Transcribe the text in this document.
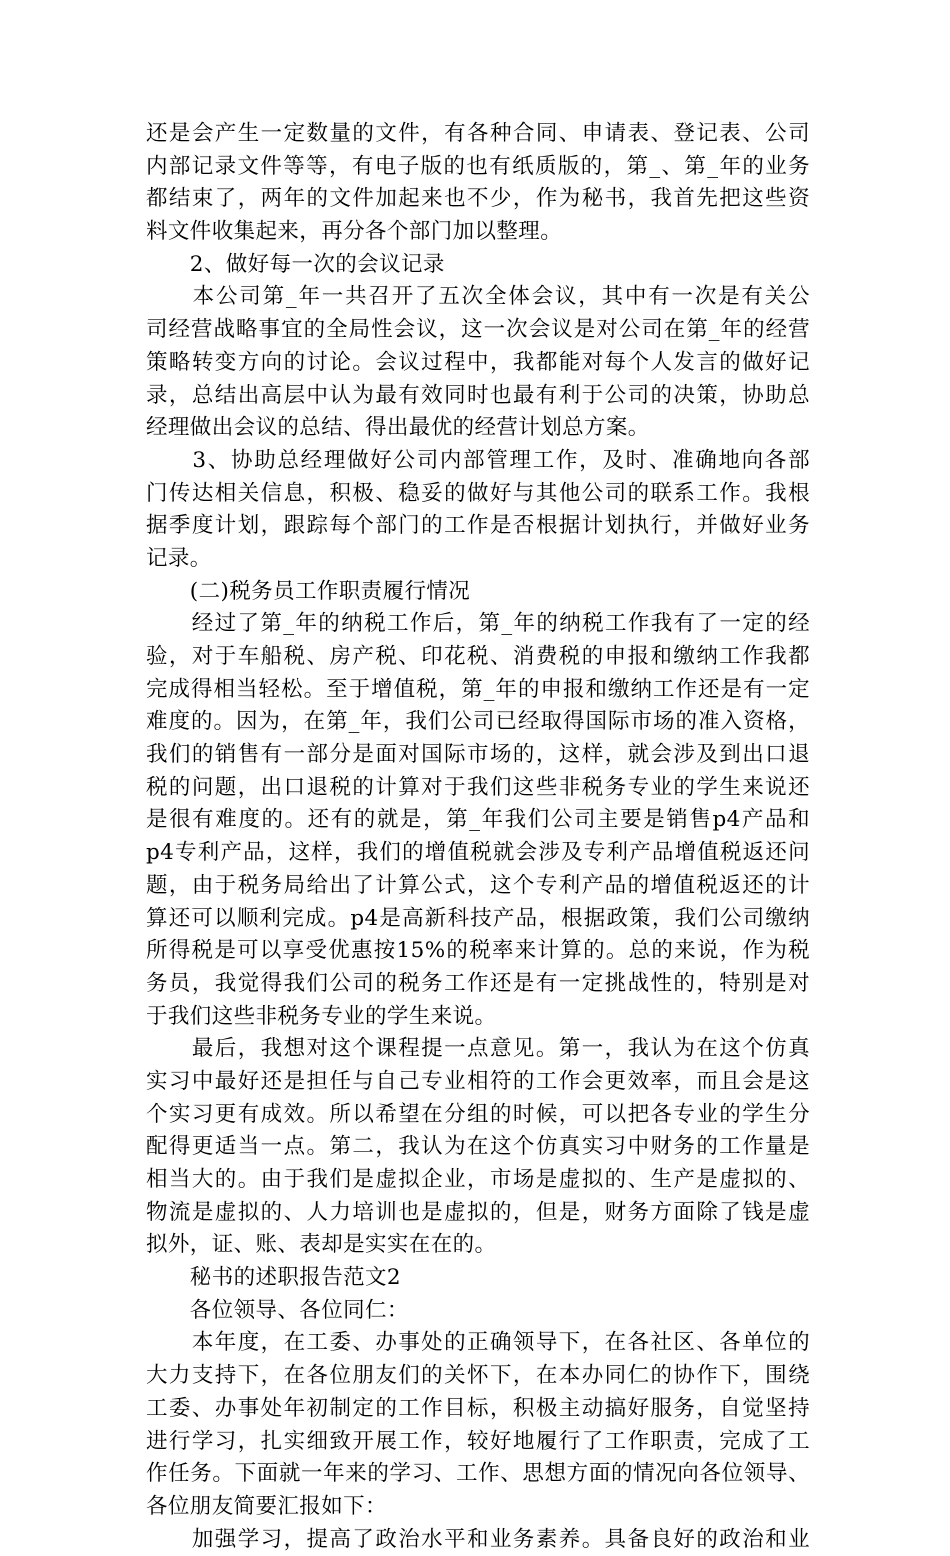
还是会产生一定数量的文件，有各种合同、申请表、登记表、公司
内部记录文件等等，有电子版的也有纸质版的，第_、第_年的业务
都结束了，两年的文件加起来也不少，作为秘书，我首先把这些资
料文件收集起来，再分各个部门加以整理。
　　2、做好每一次的会议记录
　　本公司第_年一共召开了五次全体会议，其中有一次是有关公
司经营战略事宜的全局性会议，这一次会议是对公司在第_年的经营
策略转变方向的讨论。会议过程中，我都能对每个人发言的做好记
录，总结出高层中认为最有效同时也最有利于公司的决策，协助总
经理做出会议的总结、得出最优的经营计划总方案。
　　3、协助总经理做好公司内部管理工作，及时、准确地向各部
门传达相关信息，积极、稳妥的做好与其他公司的联系工作。我根
据季度计划，跟踪每个部门的工作是否根据计划执行，并做好业务
记录。
　　(二)税务员工作职责履行情况
　　经过了第_年的纳税工作后，第_年的纳税工作我有了一定的经
验，对于车船税、房产税、印花税、消费税的申报和缴纳工作我都
完成得相当轻松。至于增值税，第_年的申报和缴纳工作还是有一定
难度的。因为，在第_年，我们公司已经取得国际市场的准入资格，
我们的销售有一部分是面对国际市场的，这样，就会涉及到出口退
税的问题，出口退税的计算对于我们这些非税务专业的学生来说还
是很有难度的。还有的就是，第_年我们公司主要是销售p4产品和
p4专利产品，这样，我们的增值税就会涉及专利产品增值税返还问
题，由于税务局给出了计算公式，这个专利产品的增值税返还的计
算还可以顺利完成。p4是高新科技产品，根据政策，我们公司缴纳
所得税是可以享受优惠按15%的税率来计算的。总的来说，作为税
务员，我觉得我们公司的税务工作还是有一定挑战性的，特别是对
于我们这些非税务专业的学生来说。
　　最后，我想对这个课程提一点意见。第一，我认为在这个仿真
实习中最好还是担任与自己专业相符的工作会更效率，而且会是这
个实习更有成效。所以希望在分组的时候，可以把各专业的学生分
配得更适当一点。第二，我认为在这个仿真实习中财务的工作量是
相当大的。由于我们是虚拟企业，市场是虚拟的、生产是虚拟的、
物流是虚拟的、人力培训也是虚拟的，但是，财务方面除了钱是虚
拟外，证、账、表却是实实在在的。
　　秘书的述职报告范文2
　　各位领导、各位同仁：
　　本年度，在工委、办事处的正确领导下，在各社区、各单位的
大力支持下，在各位朋友们的关怀下，在本办同仁的协作下，围绕
工委、办事处年初制定的工作目标，积极主动搞好服务，自觉坚持
进行学习，扎实细致开展工作，较好地履行了工作职责，完成了工
作任务。下面就一年来的学习、工作、思想方面的情况向各位领导、
各位朋友简要汇报如下：
　　加强学习，提高了政治水平和业务素养。具备良好的政治和业
